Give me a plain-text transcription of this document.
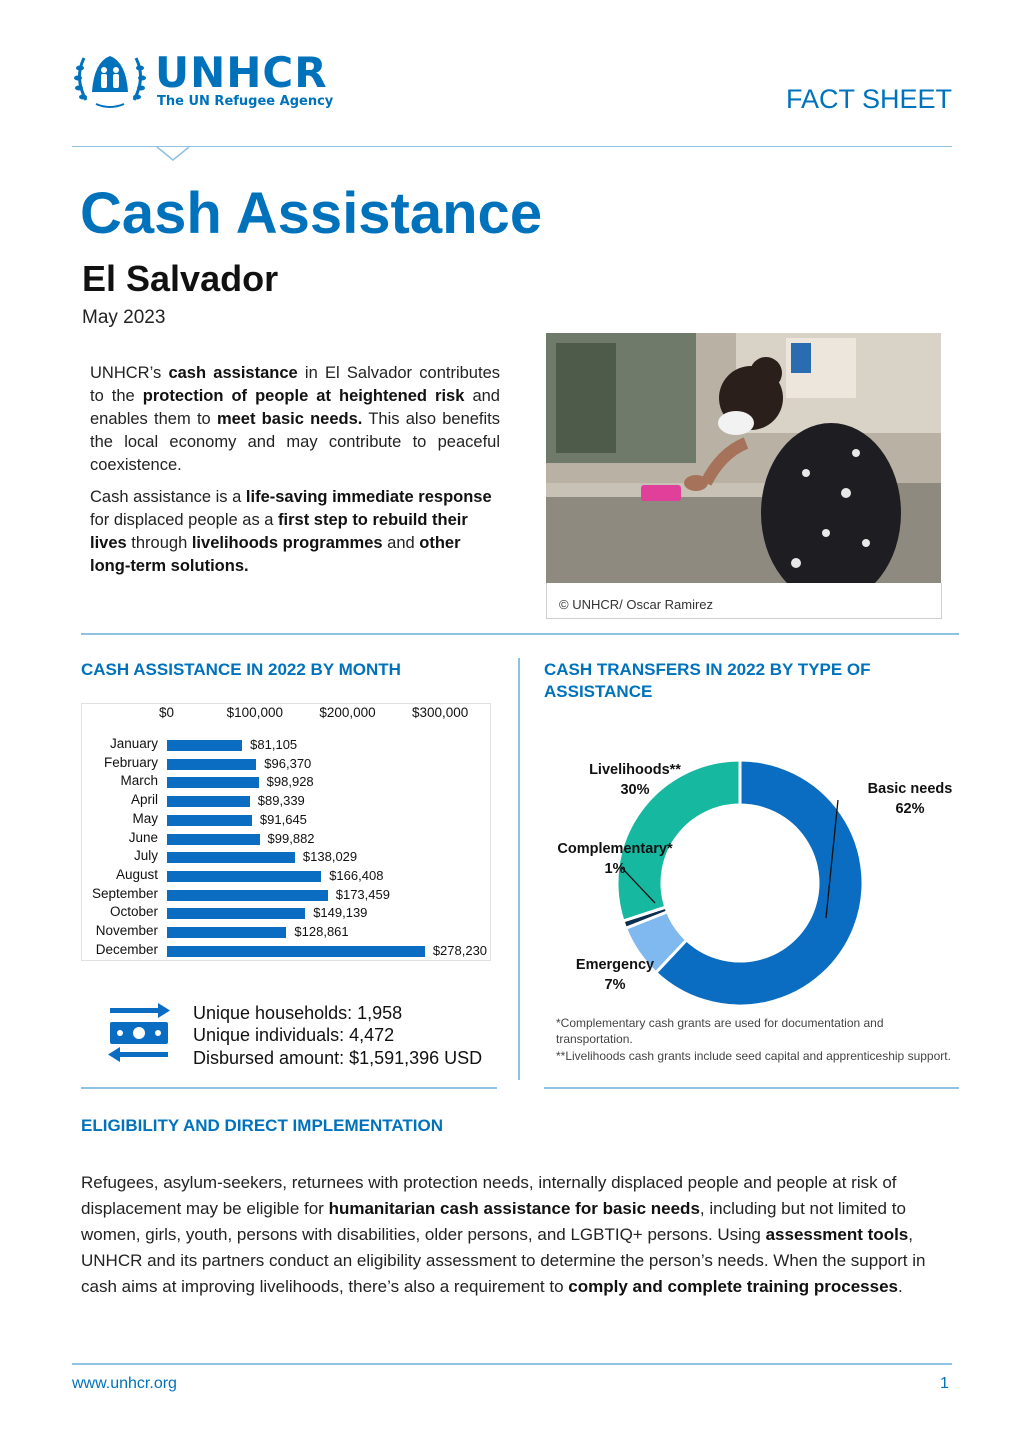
UNHCR
The UN Refugee Agency	FACT SHEET
Cash Assistance
El Salvador
May 2023
UNHCR’s cash assistance in El Salvador contributes to the protection of people at heightened risk and enables them to meet basic needs. This also benefits the local economy and may contribute to peaceful coexistence.
Cash assistance is a life-saving immediate response for displaced people as a first step to rebuild their lives through livelihoods programmes and other long-term solutions.
© UNHCR/ Oscar Ramirez
CASH ASSISTANCE IN 2022 BY MONTH
$0	$100,000	$200,000	$300,000
January	$81,105
February	$96,370
March	$98,928
April	$89,339
May	$91,645
June	$99,882
July	$138,029
August	$166,408
September	$173,459
October	$149,139
November	$128,861
December	$278,230
Unique households: 1,958
Unique individuals: 4,472
Disbursed amount: $1,591,396 USD
CASH TRANSFERS IN 2022 BY TYPE OF ASSISTANCE
Livelihoods**
30%	Basic needs
62%
Complementary*
1%
Emergency
7%
*Complementary cash grants are used for documentation and transportation.
**Livelihoods cash grants include seed capital and apprenticeship support.
ELIGIBILITY AND DIRECT IMPLEMENTATION
Refugees, asylum-seekers, returnees with protection needs, internally displaced people and people at risk of displacement may be eligible for humanitarian cash assistance for basic needs, including but not limited to women, girls, youth, persons with disabilities, older persons, and LGBTIQ+ persons. Using assessment tools, UNHCR and its partners conduct an eligibility assessment to determine the person’s needs. When the support in cash aims at improving livelihoods, there’s also a requirement to comply and complete training processes.
www.unhcr.org	1
